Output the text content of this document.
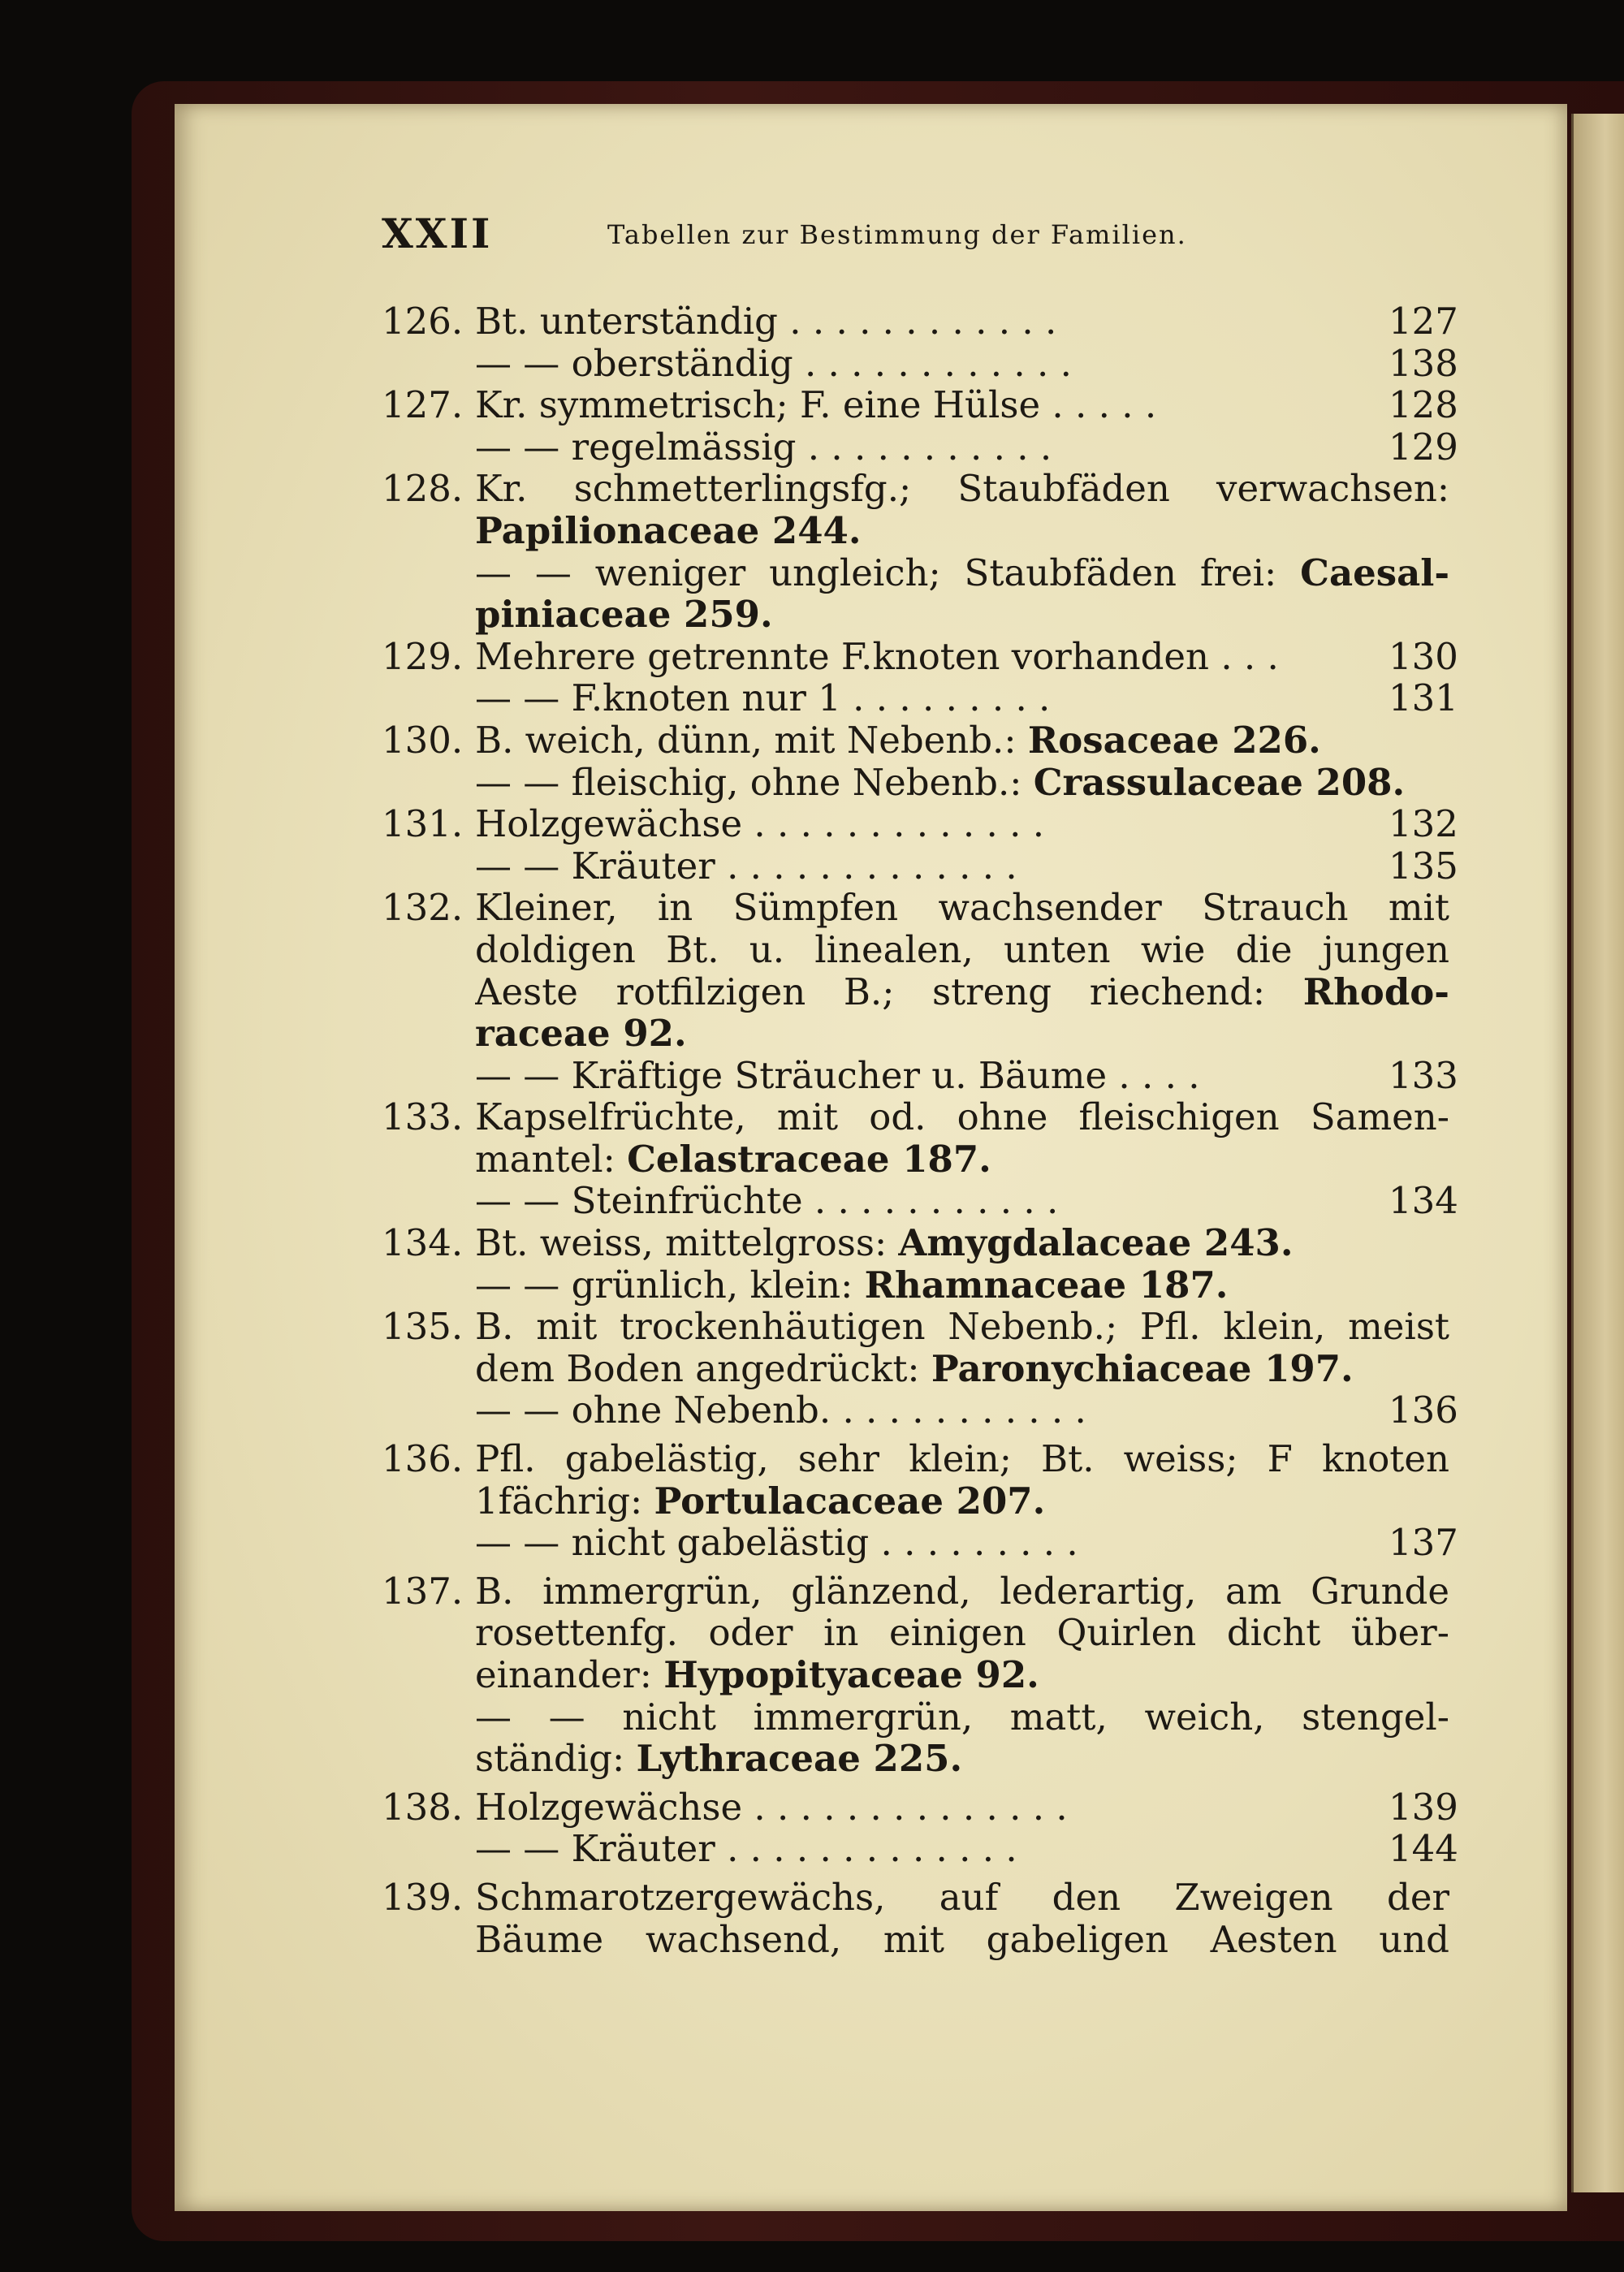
XXII	Tabellen zur Bestimmung der Familien.
126. Bt. unterständig . . . . . . . . . . . .	127
— — oberständig . . . . . . . . . . . .	138
127. Kr. symmetrisch; F. eine Hülse . . . . .	128
— — regelmässig . . . . . . . . . . .	129
128. Kr. schmetterlingsfg.; Staubfäden verwachsen:
Papilionaceae 244.
— — weniger ungleich; Staubfäden frei: Caesal-
piniaceae 259.
129. Mehrere getrennte F.knoten vorhanden . . .	130
— — F.knoten nur 1 . . . . . . . . .	131
130. B. weich, dünn, mit Nebenb.: Rosaceae 226.
— — fleischig, ohne Nebenb.: Crassulaceae 208.
131. Holzgewächse . . . . . . . . . . . . .	132
— — Kräuter . . . . . . . . . . . . .	135
132. Kleiner, in Sümpfen wachsender Strauch mit
doldigen Bt. u. linealen, unten wie die jungen
Aeste rotfilzigen B.; streng riechend: Rhodo-
raceae 92.
— — Kräftige Sträucher u. Bäume . . . .	133
133. Kapselfrüchte, mit od. ohne fleischigen Samen-
mantel: Celastraceae 187.
— — Steinfrüchte . . . . . . . . . . .	134
134. Bt. weiss, mittelgross: Amygdalaceae 243.
— — grünlich, klein: Rhamnaceae 187.
135. B. mit trockenhäutigen Nebenb.; Pfl. klein, meist
dem Boden angedrückt: Paronychiaceae 197.
— — ohne Nebenb. . . . . . . . . . . .	136
136. Pfl. gabelästig, sehr klein; Bt. weiss; F knoten
1fächrig: Portulacaceae 207.
— — nicht gabelästig . . . . . . . . .	137
137. B. immergrün, glänzend, lederartig, am Grunde
rosettenfg. oder in einigen Quirlen dicht über-
einander: Hypopityaceae 92.
— — nicht immergrün, matt, weich, stengel-
ständig: Lythraceae 225.
138. Holzgewächse . . . . . . . . . . . . . .	139
— — Kräuter . . . . . . . . . . . . .	144
139. Schmarotzergewächs, auf den Zweigen der
Bäume wachsend, mit gabeligen Aesten und
